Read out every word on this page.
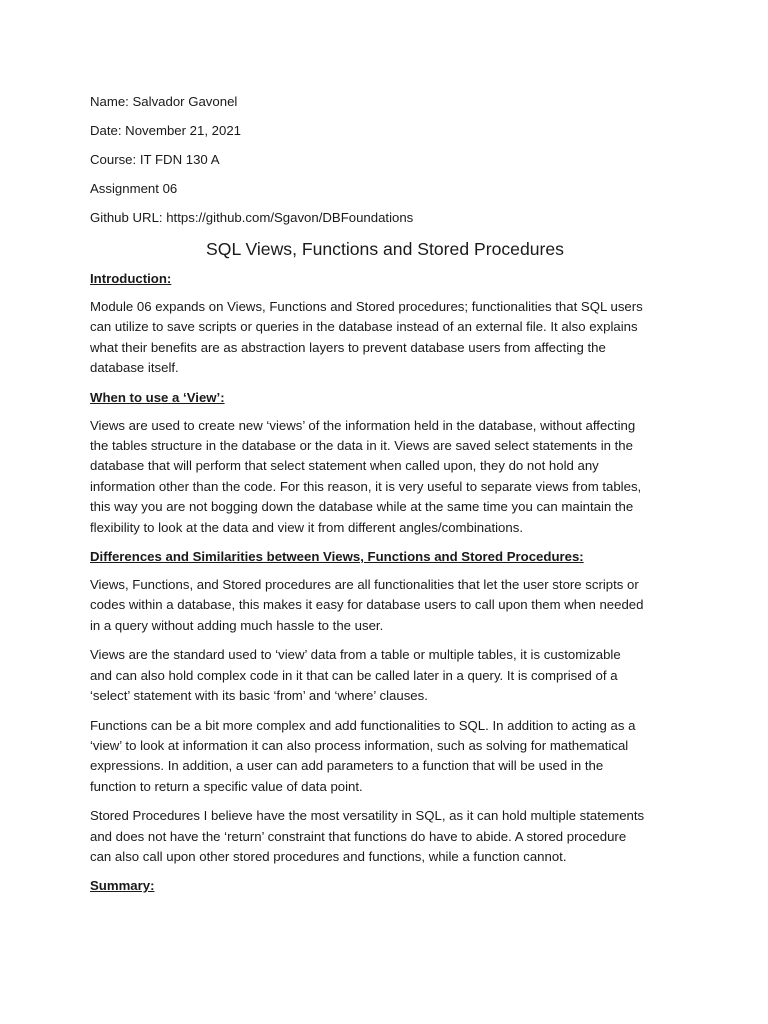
Name: Salvador Gavonel
Date: November 21, 2021
Course: IT FDN 130 A
Assignment 06
Github URL: https://github.com/Sgavon/DBFoundations
SQL Views, Functions and Stored Procedures
Introduction:
Module 06 expands on Views, Functions and Stored procedures; functionalities that SQL users
can utilize to save scripts or queries in the database instead of an external file. It also explains
what their benefits are as abstraction layers to prevent database users from affecting the
database itself.
When to use a ‘View’:
Views are used to create new ‘views’ of the information held in the database, without affecting
the tables structure in the database or the data in it. Views are saved select statements in the
database that will perform that select statement when called upon, they do not hold any
information other than the code. For this reason, it is very useful to separate views from tables,
this way you are not bogging down the database while at the same time you can maintain the
flexibility to look at the data and view it from different angles/combinations.
Differences and Similarities between Views, Functions and Stored Procedures:
Views, Functions, and Stored procedures are all functionalities that let the user store scripts or
codes within a database, this makes it easy for database users to call upon them when needed
in a query without adding much hassle to the user.
Views are the standard used to ‘view’ data from a table or multiple tables, it is customizable
and can also hold complex code in it that can be called later in a query. It is comprised of a
‘select’ statement with its basic ‘from’ and ‘where’ clauses.
Functions can be a bit more complex and add functionalities to SQL. In addition to acting as a
‘view’ to look at information it can also process information, such as solving for mathematical
expressions. In addition, a user can add parameters to a function that will be used in the
function to return a specific value of data point.
Stored Procedures I believe have the most versatility in SQL, as it can hold multiple statements
and does not have the ‘return’ constraint that functions do have to abide. A stored procedure
can also call upon other stored procedures and functions, while a function cannot.
Summary:
